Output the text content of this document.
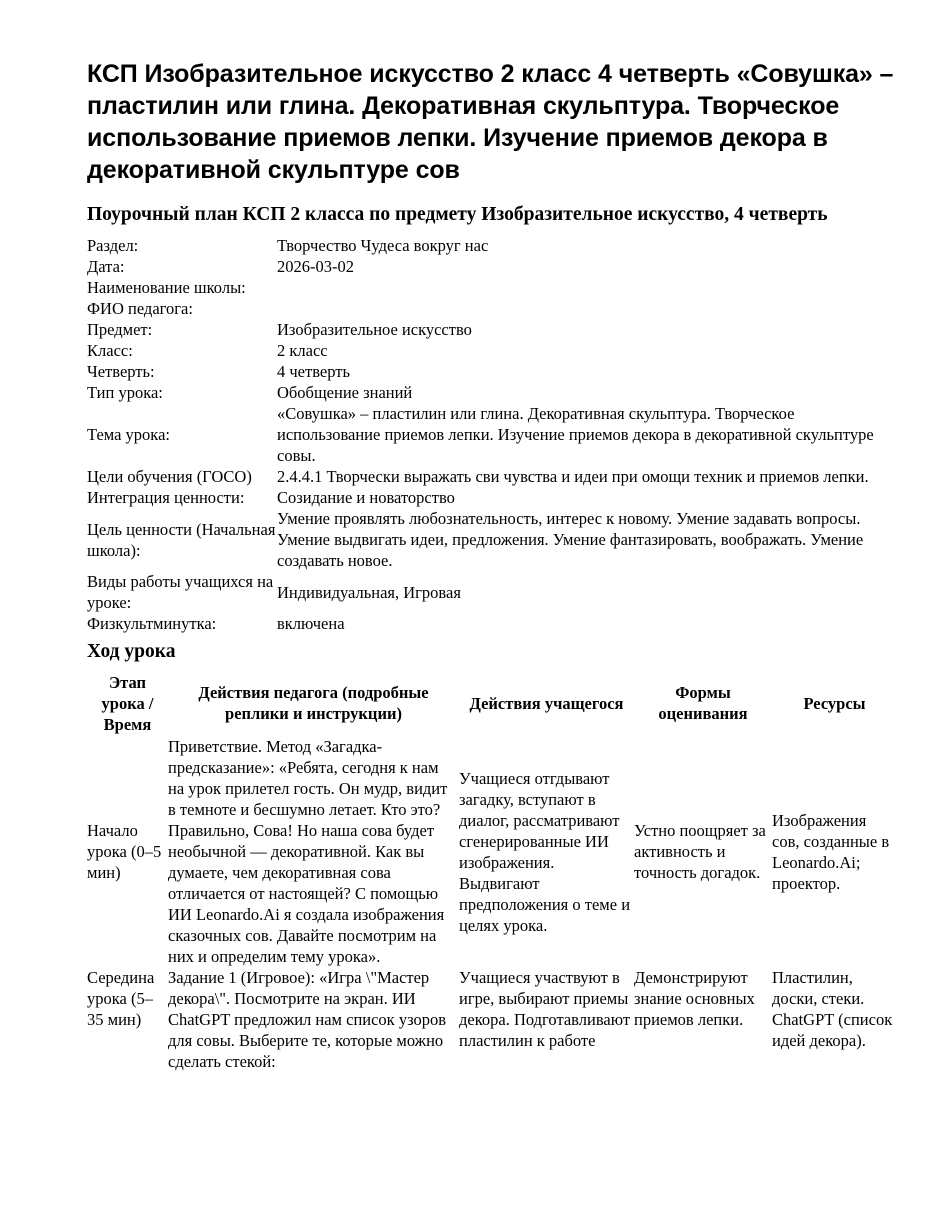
КСП Изобразительное искусство 2 класс 4 четверть «Совушка» – пластилин или глина. Декоративная скульптура. Творческое использование приемов лепки. Изучение приемов декора в декоративной скульптуре сов
Поурочный план КСП 2 класса по предмету Изобразительное искусство, 4 четверть
Раздел:	Творчество Чудеса вокруг нас
Дата:	2026-03-02
Наименование школы:	
ФИО педагога:	
Предмет:	Изобразительное искусство
Класс:	2 класс
Четверть:	4 четверть
Тип урока:	Обобщение знаний
Тема урока:	«Совушка» – пластилин или глина. Декоративная скульптура. Творческое использование приемов лепки. Изучение приемов декора в декоративной скульптуре совы.
Цели обучения (ГОСО)	2.4.4.1 Творчески выражать сви чувства и идеи при омощи техник и приемов лепки.
Интеграция ценности:	Созидание и новаторство
Цель ценности (Начальная школа):	Умение проявлять любознательность, интерес к новому. Умение задавать вопросы. Умение выдвигать идеи, предложения. Умение фантазировать, воображать. Умение создавать новое.
Виды работы учащихся на уроке:	Индивидуальная, Игровая
Физкультминутка:	включена
Ход урока
Этап урока / Время	Действия педагога (подробные реплики и инструкции)	Действия учащегося	Формы оценивания	Ресурсы
Начало урока (0–5 мин)	Приветствие. Метод «Загадка-предсказание»: «Ребята, сегодня к нам на урок прилетел гость. Он мудр, видит в темноте и бесшумно летает. Кто это? Правильно, Сова! Но наша сова будет необычной — декоративной. Как вы думаете, чем декоративная сова отличается от настоящей? С помощью ИИ Leonardo.Ai я создала изображения сказочных сов. Давайте посмотрим на них и определим тему урока».	Учащиеся отгдывают загадку, вступают в диалог, рассматривают сгенерированные ИИ изображения. Выдвигают предположения о теме и целях урока.	Устно поощряет за активность и точность догадок.	Изображения сов, созданные в Leonardo.Ai; проектор.
Середина урока (5–35 мин)	Задание 1 (Игровое): «Игра \"Мастер декора\". Посмотрите на экран. ИИ ChatGPT предложил нам список узоров для совы. Выберите те, которые можно сделать стекой:	Учащиеся участвуют в игре, выбирают приемы декора. Подготавливают пластилин к работе	Демонстрируют знание основных приемов лепки.	Пластилин, доски, стеки. ChatGPT (список идей декора).
